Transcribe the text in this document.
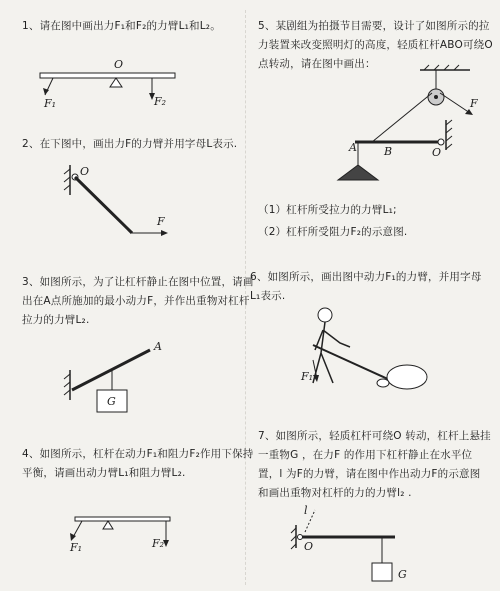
1、请在图中画出力F₁和F₂的力臂L₁和L₂。

O
F₁	F₂

2、在下图中，画出力F的力臂并用字母L表示.

O
F

3、如图所示，为了让杠杆静止在图中位置，请画

出在A点所施加的最小动力F，并作出重物对杠杆

拉力的力臂L₂.

A
G

4、如图所示，杠杆在动力F₁和阻力F₂作用下保持

平衡，请画出动力臂L₁和阻力臂L₂.

F₁	F₂

5、某剧组为拍摄节目需要，设计了如图所示的拉

力装置来改变照明灯的高度，轻质杠杆ABO可绕O

点转动，请在图中画出：

F
A B	O

（1）杠杆所受拉力的力臂L₁;

（2）杠杆所受阻力F₂的示意图.

6、如图所示，画出图中动力F₁的力臂，并用字母

L₁表示.

F₁

7、如图所示，轻质杠杆可绕O 转动，杠杆上悬挂

一重物G ，在力F 的作用下杠杆静止在水平位

置，l 为F的力臂，请在图中作出动力F的示意图

和画出重物对杠杆的力的力臂l₂ .

O
l
G
